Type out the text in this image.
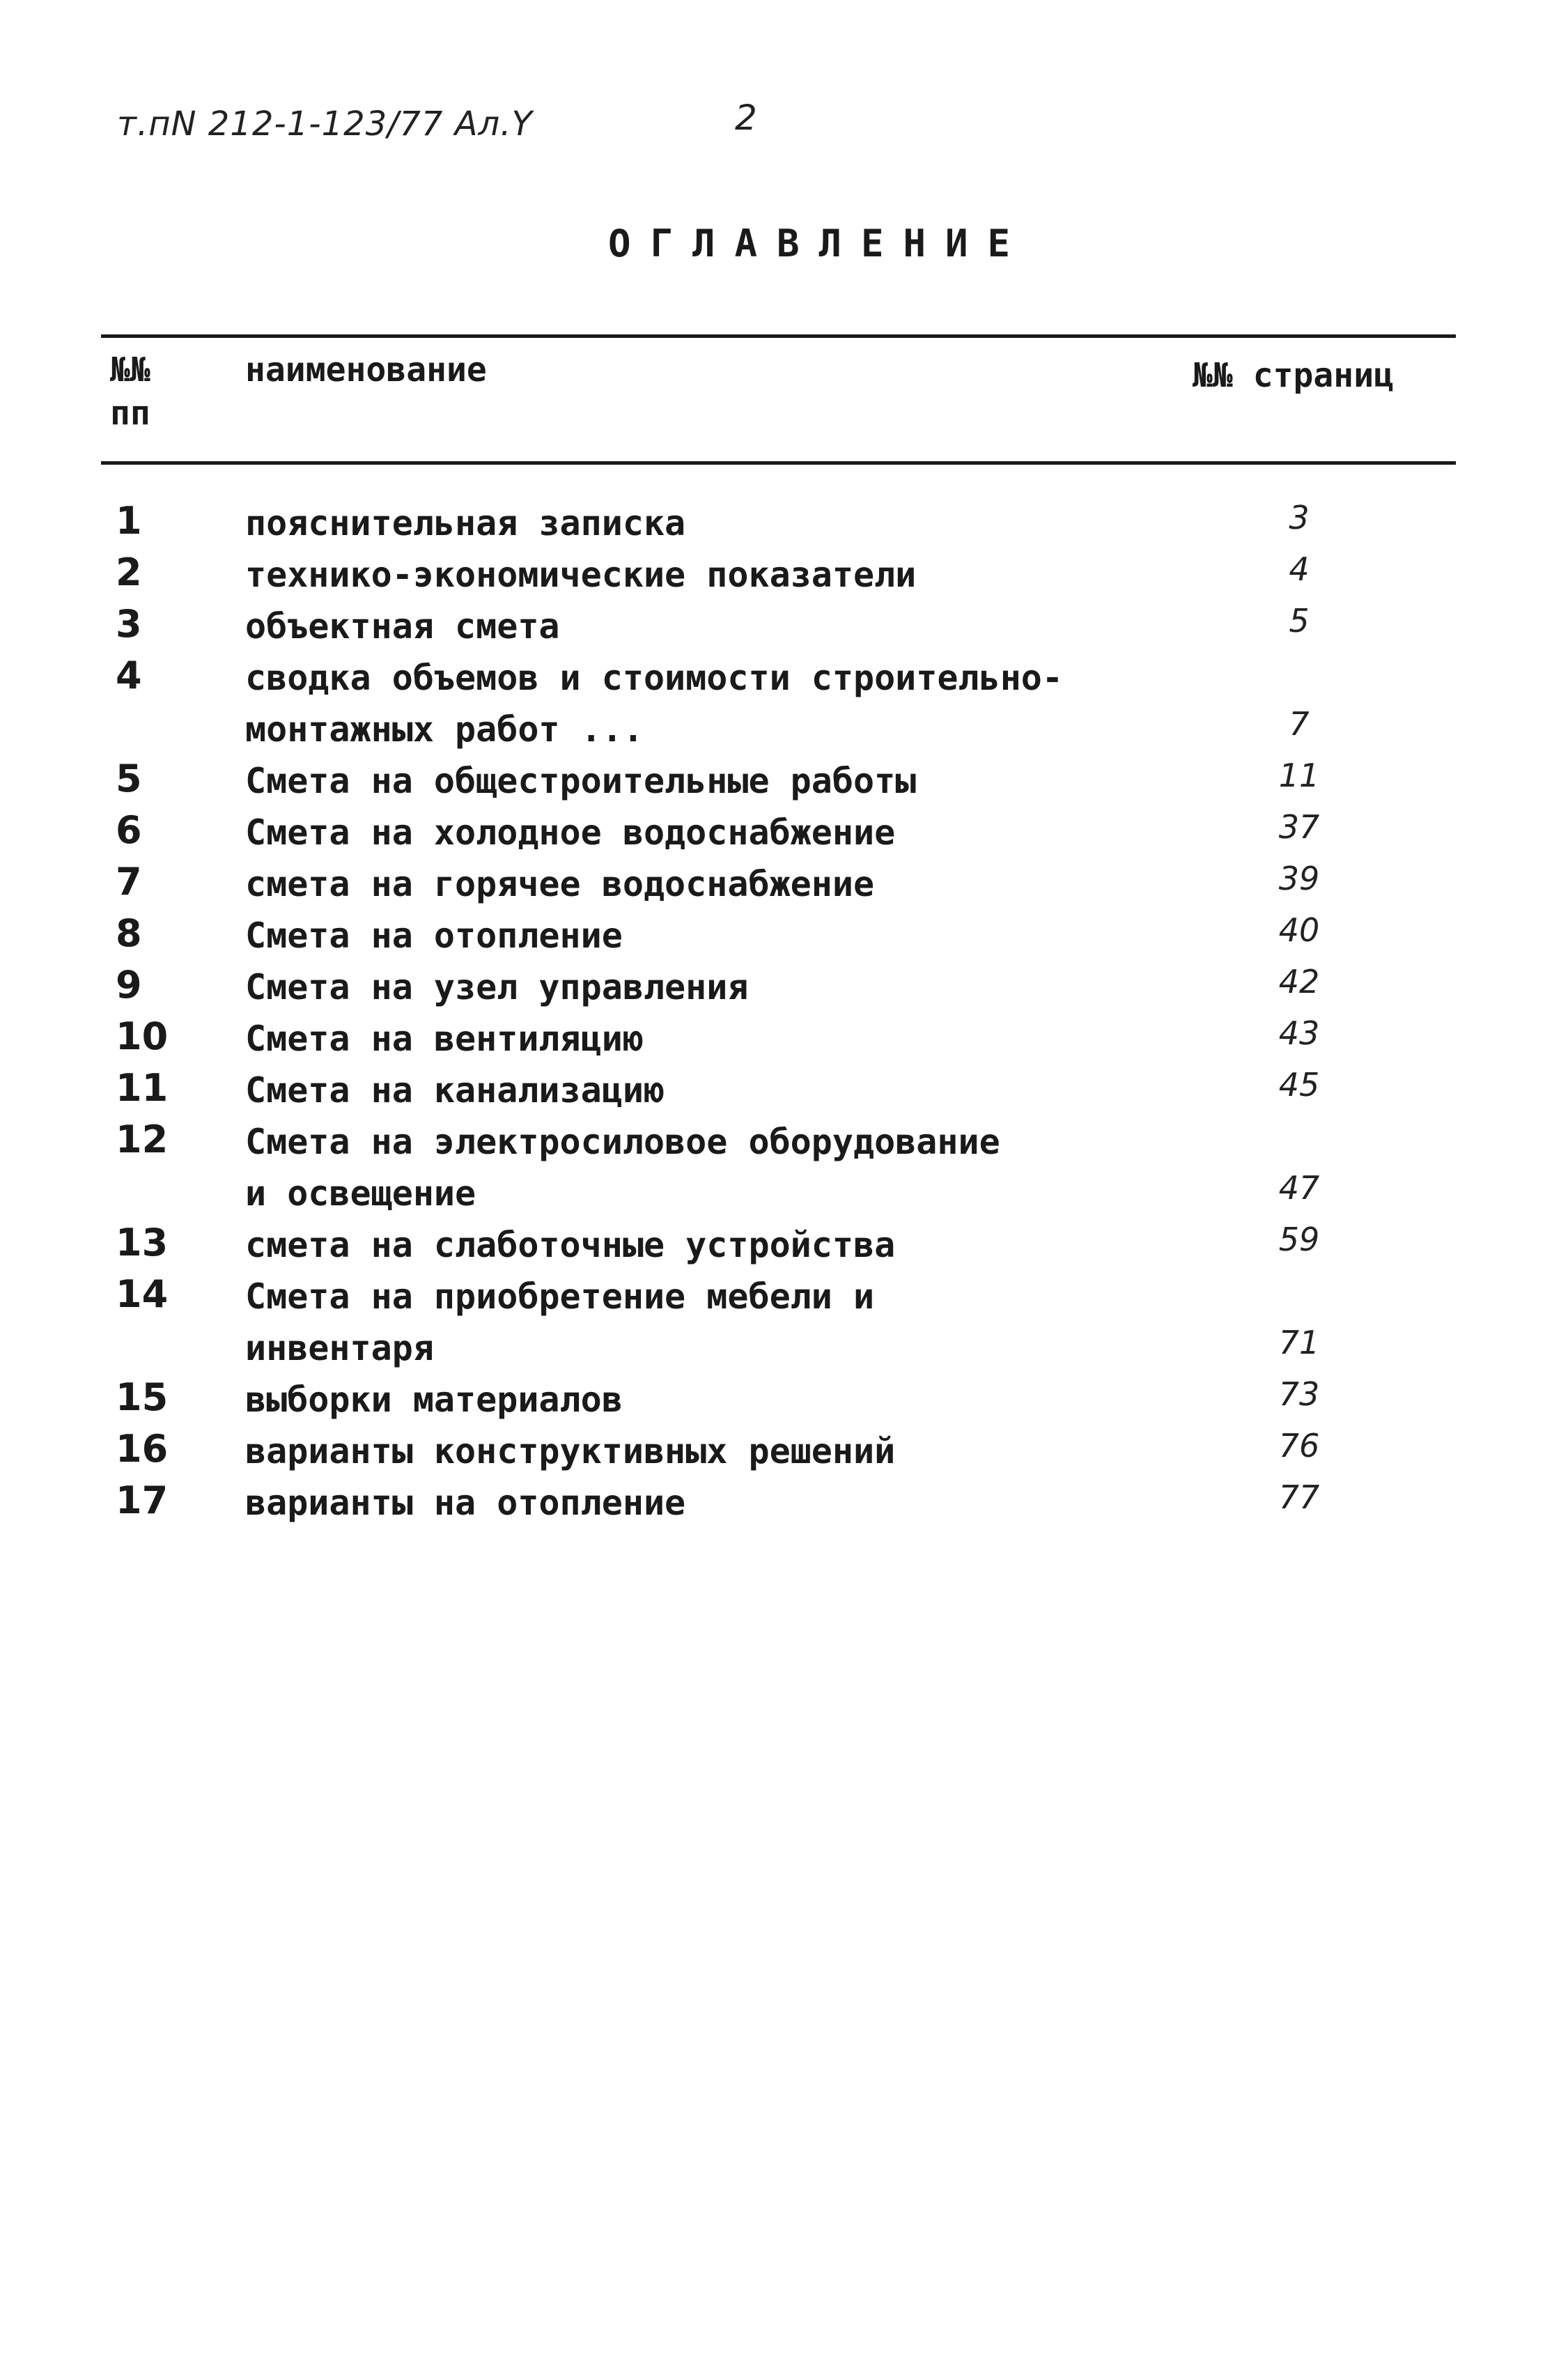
т.пN 212-1-123/77 Ал.Y	2
ОГЛАВЛЕНИЕ
№№
пп
наименование	№№ страниц
1	пояснительная записка	3
2	технико-экономические показатели	4
3	объектная смета	5
4	сводка объемов и стоимости строительно-
монтажных работ ...	7
5	Смета на общестроительные работы	11
6	Смета на холодное водоснабжение	37
7	смета на горячее водоснабжение	39
8	Смета на отопление	40
9	Смета на узел управления	42
10 Смета на вентиляцию	43
11 Смета на канализацию	45
12 Смета на электросиловое оборудование
и освещение	47
13 смета на слаботочные устройства	59
14 Смета на приобретение мебели и
инвентаря	71
15 выборки материалов	73
16 варианты конструктивных решений	76
17 варианты на отопление	77
